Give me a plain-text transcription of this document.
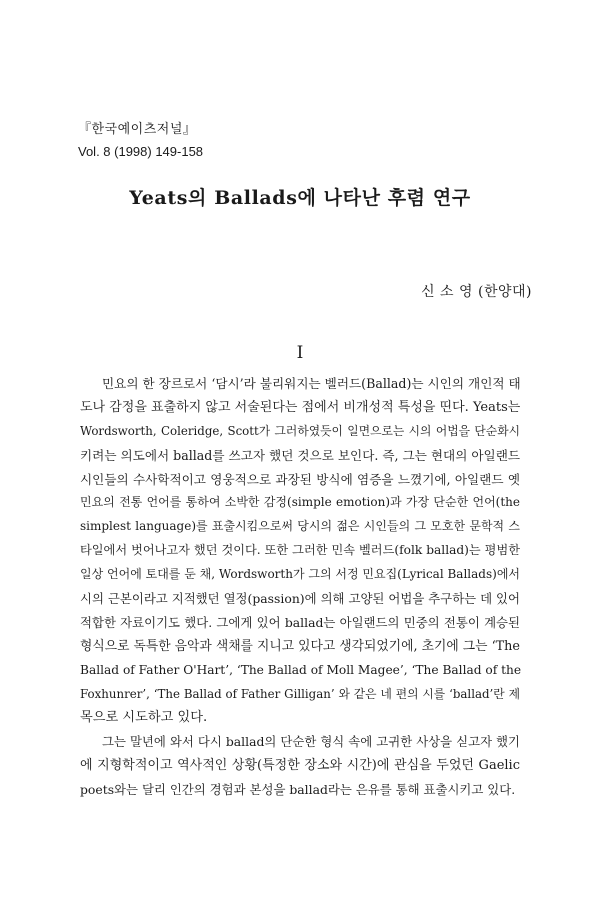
『한국예이츠저널』
Vol. 8 (1998) 149-158
Yeats의 Ballads에 나타난 후렴 연구
신 소 영 (한양대)
I
민요의 한 장르로서 ‘담시’라 불리워지는 벨러드(Ballad)는 시인의 개인적 태
도나 감정을 표출하지 않고 서술된다는 점에서 비개성적 특성을 띤다. Yeats는
Wordsworth, Coleridge, Scott가 그러하였듯이 일면으로는 시의 어법을 단순화시
키려는 의도에서 ballad를 쓰고자 했던 것으로 보인다. 즉, 그는 현대의 아일랜드
시인들의 수사학적이고 영웅적으로 과장된 방식에 염증을 느꼈기에, 아일랜드 옛
민요의 전통 언어를 통하여 소박한 감정(simple emotion)과 가장 단순한 언어(the
simplest language)를 표출시킴으로써 당시의 젊은 시인들의 그 모호한 문학적 스
타일에서 벗어나고자 했던 것이다. 또한 그러한 민속 벨러드(folk ballad)는 평범한
일상 언어에 토대를 둔 채, Wordsworth가 그의 서정 민요집(Lyrical Ballads)에서
시의 근본이라고 지적했던 열정(passion)에 의해 고양된 어법을 추구하는 데 있어
적합한 자료이기도 했다. 그에게 있어 ballad는 아일랜드의 민중의 전통이 계승된
형식으로 독특한 음악과 색채를 지니고 있다고 생각되었기에, 초기에 그는 ‘The
Ballad of Father O'Hart’, ‘The Ballad of Moll Magee’, ‘The Ballad of the
Foxhunrer’, ‘The Ballad of Father Gilligan’ 와 같은 네 편의 시를 ‘ballad’란 제
목으로 시도하고 있다.
그는 말년에 와서 다시 ballad의 단순한 형식 속에 고귀한 사상을 싣고자 했기
에 지형학적이고 역사적인 상황(특정한 장소와 시간)에 관심을 두었던 Gaelic
poets와는 달리 인간의 경험과 본성을 ballad라는 은유를 통해 표출시키고 있다.
